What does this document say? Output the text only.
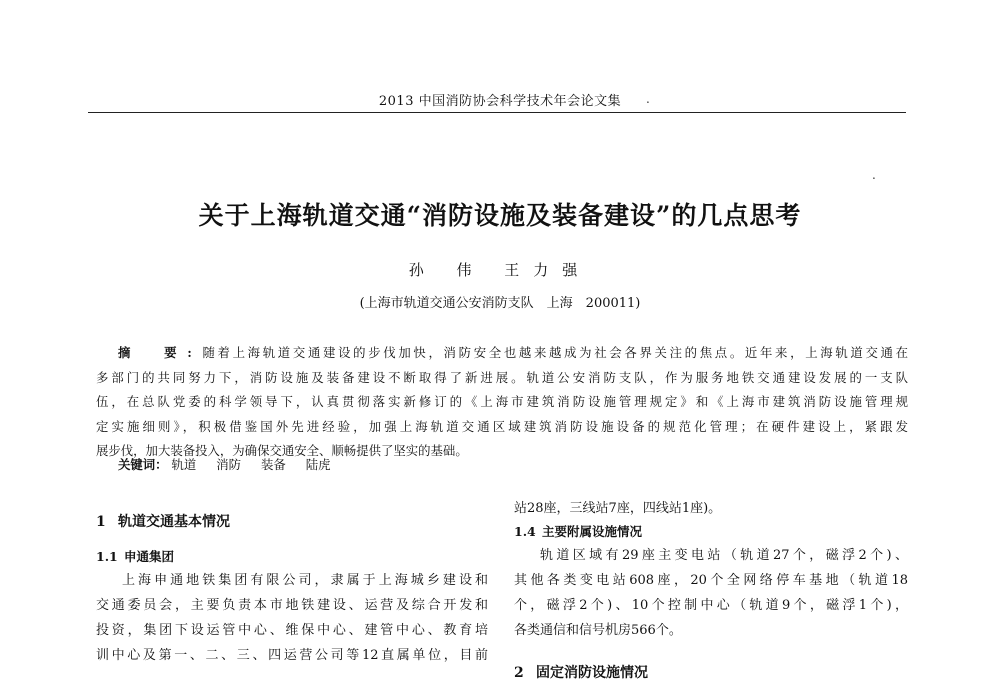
2013 中国消防协会科学技术年会论文集
关于上海轨道交通“消防设施及装备建设”的几点思考
孙 伟 王力强
(上海市轨道交通公安消防支队　上海　200011)
摘　要:随着上海轨道交通建设的步伐加快，消防安全也越来越成为社会各界关注的焦点。近年来，上海轨道交通在
多部门的共同努力下，消防设施及装备建设不断取得了新进展。轨道公安消防支队，作为服务地铁交通建设发展的一支队
伍，在总队党委的科学领导下，认真贯彻落实新修订的《上海市建筑消防设施管理规定》和《上海市建筑消防设施管理规
定实施细则》，积极借鉴国外先进经验，加强上海轨道交通区域建筑消防设施设备的规范化管理；在硬件建设上，紧跟发
展步伐，加大装备投入，为确保交通安全、顺畅提供了坚实的基础。
关键词： 轨道 消防 装备 陆虎
1 轨道交通基本情况
1.1 申通集团
上海申通地铁集团有限公司，隶属于上海城乡建设和
交通委员会，主要负责本市地铁建设、运营及综合开发和
投资，集团下设运管中心、维保中心、建管中心、教育培
训中心及第一、二、三、四运营公司等12直属单位，目前
站28座，三线站7座，四线站1座)。
1.4 主要附属设施情况
轨道区域有29座主变电站（轨道27个，磁浮2个)、
其他各类变电站608座，20个全网络停车基地（轨道18
个，磁浮2个)、10个控制中心（轨道9个，磁浮1个)，
各类通信和信号机房566个。
2 固定消防设施情况
.
.
